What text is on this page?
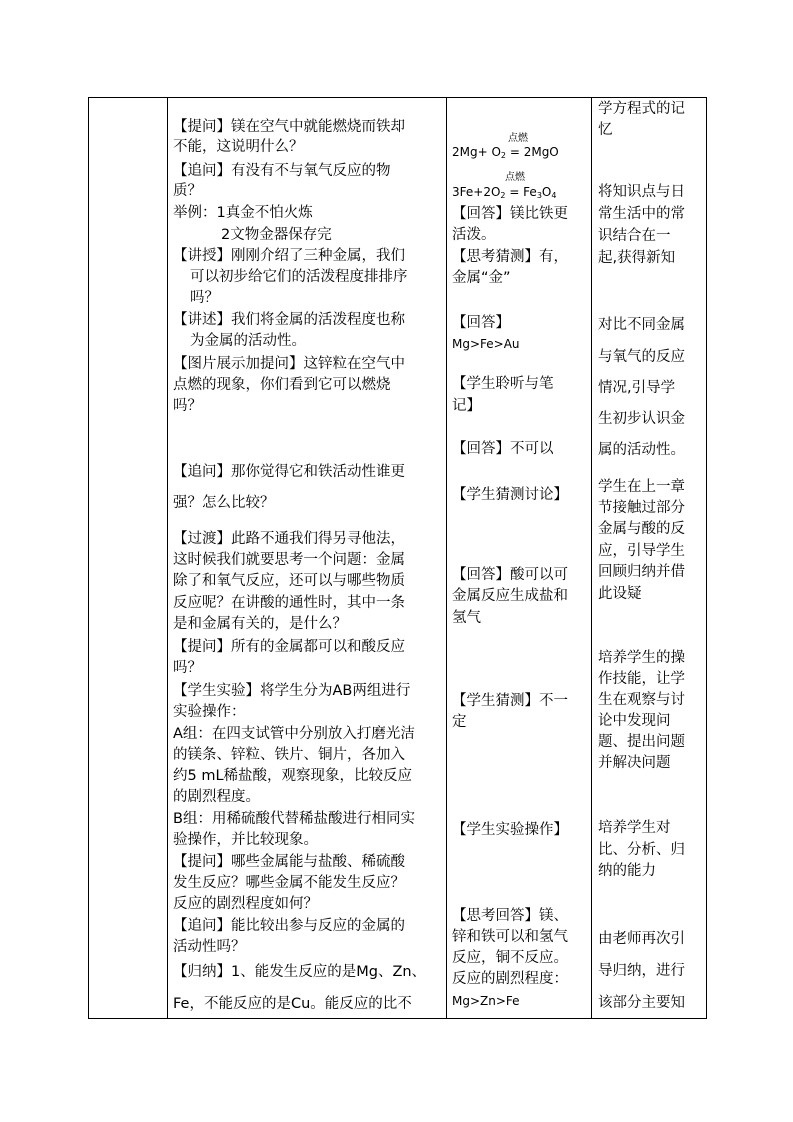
【提问】镁在空气中就能燃烧而铁却
不能，这说明什么？
【追问】有没有不与氧气反应的物
质？
举例：1真金不怕火炼
2文物金器保存完
【讲授】刚刚介绍了三种金属，我们
可以初步给它们的活泼程度排排序
吗？
【讲述】我们将金属的活泼程度也称
为金属的活动性。
【图片展示加提问】这锌粒在空气中
点燃的现象，你们看到它可以燃烧
吗？
【追问】那你觉得它和铁活动性谁更
强？怎么比较？
【过渡】此路不通我们得另寻他法，
这时候我们就要思考一个问题：金属
除了和氧气反应，还可以与哪些物质
反应呢？在讲酸的通性时，其中一条
是和金属有关的，是什么？
【提问】所有的金属都可以和酸反应
吗？
【学生实验】将学生分为AB两组进行
实验操作：
A组：在四支试管中分别放入打磨光洁
的镁条、锌粒、铁片、铜片，各加入
约5 mL稀盐酸，观察现象，比较反应
的剧烈程度。
B组：用稀硫酸代替稀盐酸进行相同实
验操作，并比较现象。
【提问】哪些金属能与盐酸、稀硫酸
发生反应？哪些金属不能发生反应？
反应的剧烈程度如何？
【追问】能比较出参与反应的金属的
活动性吗？
【归纳】1、能发生反应的是Mg、Zn、
Fe，不能反应的是Cu。能反应的比不
点燃
$2Mg+ O_2 = 2MgO$
点燃
$3Fe+2O_2 = Fe_3O_4$
【回答】镁比铁更
活泼。
【思考猜测】有，
金属“金”
【回答】
Mg>Fe>Au
【学生聆听与笔
记】
【回答】不可以
【学生猜测讨论】
【回答】酸可以可
金属反应生成盐和
氢气
【学生猜测】不一
定
【学生实验操作】
【思考回答】镁、
锌和铁可以和氢气
反应，铜不反应。
反应的剧烈程度：
Mg>Zn>Fe
学方程式的记
忆
将知识点与日
常生活中的常
识结合在一
起,获得新知
对比不同金属
与氧气的反应
情况,引导学
生初步认识金
属的活动性。
学生在上一章
节接触过部分
金属与酸的反
应，引导学生
回顾归纳并借
此设疑
培养学生的操
作技能，让学
生在观察与讨
论中发现问
题、提出问题
并解决问题
培养学生对
比、分析、归
纳的能力
由老师再次引
导归纳，进行
该部分主要知
